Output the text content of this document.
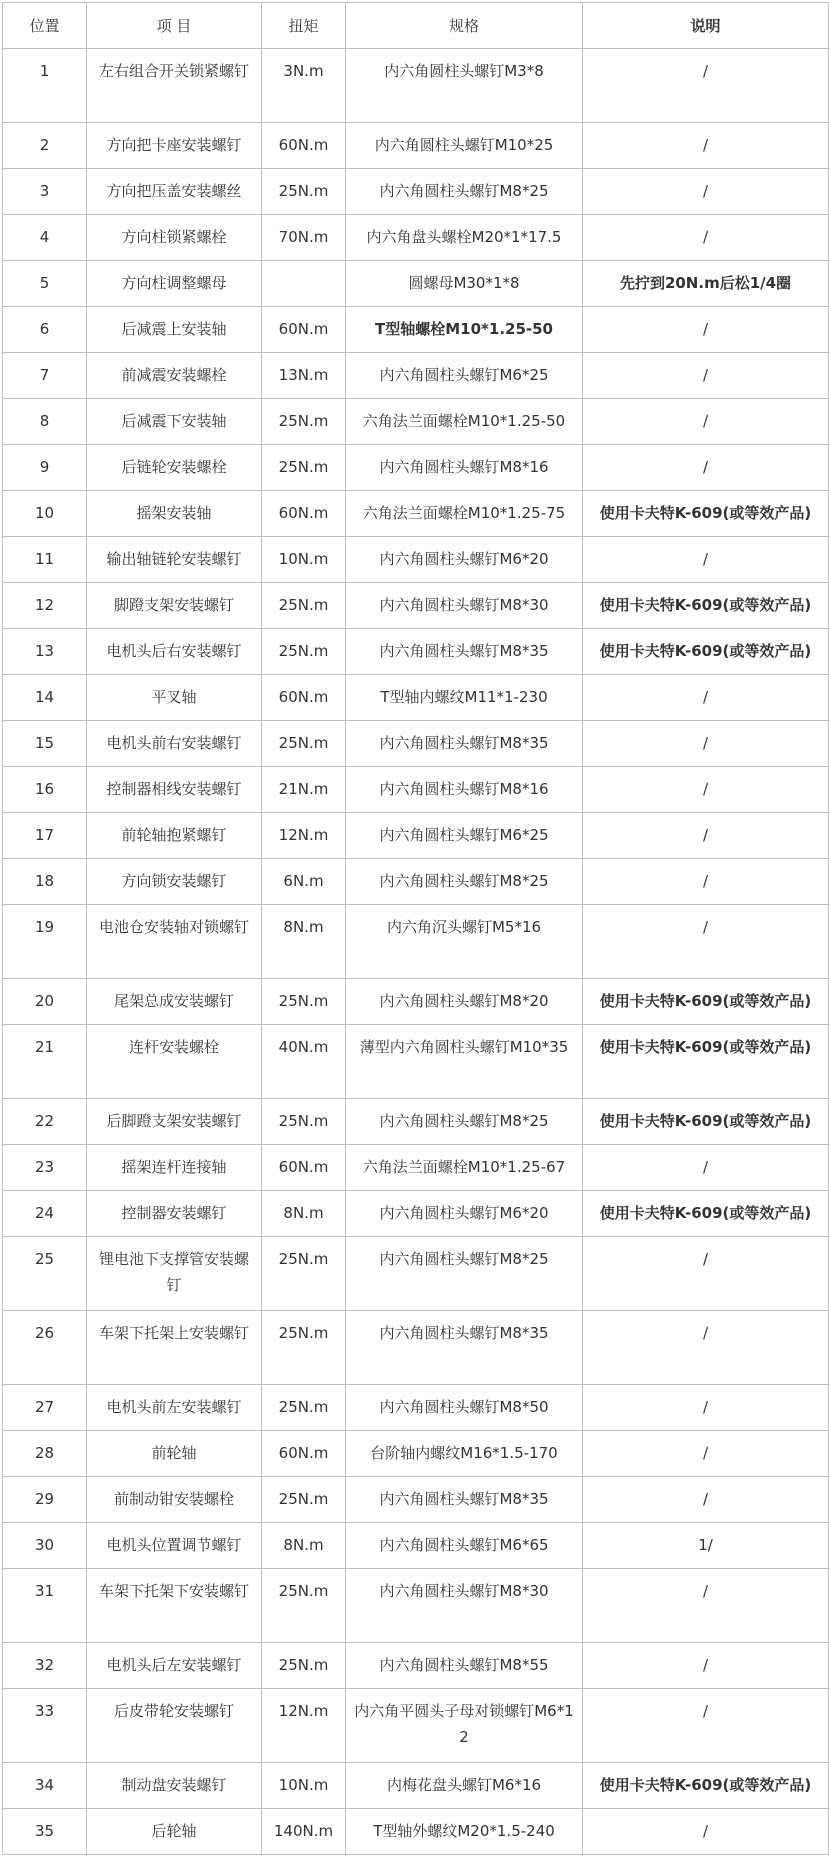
位置	项 目	扭矩	规格	说明
1	左右组合开关锁紧螺钉	3N.m	内六角圆柱头螺钉M3*8	/
2	方向把卡座安装螺钉	60N.m	内六角圆柱头螺钉M10*25	/
3	方向把压盖安装螺丝	25N.m	内六角圆柱头螺钉M8*25	/
4	方向柱锁紧螺栓	70N.m	内六角盘头螺栓M20*1*17.5	/
5	方向柱调整螺母		圆螺母M30*1*8	先拧到20N.m后松1/4圈
6	后减震上安装轴	60N.m	T型轴螺栓M10*1.25-50	/
7	前减震安装螺栓	13N.m	内六角圆柱头螺钉M6*25	/
8	后减震下安装轴	25N.m	六角法兰面螺栓M10*1.25-50	/
9	后链轮安装螺栓	25N.m	内六角圆柱头螺钉M8*16	/
10	摇架安装轴	60N.m	六角法兰面螺栓M10*1.25-75	使用卡夫特K-609(或等效产品)
11	输出轴链轮安装螺钉	10N.m	内六角圆柱头螺钉M6*20	/
12	脚蹬支架安装螺钉	25N.m	内六角圆柱头螺钉M8*30	使用卡夫特K-609(或等效产品)
13	电机头后右安装螺钉	25N.m	内六角圆柱头螺钉M8*35	使用卡夫特K-609(或等效产品)
14	平叉轴	60N.m	T型轴内螺纹M11*1-230	/
15	电机头前右安装螺钉	25N.m	内六角圆柱头螺钉M8*35	/
16	控制器相线安装螺钉	21N.m	内六角圆柱头螺钉M8*16	/
17	前轮轴抱紧螺钉	12N.m	内六角圆柱头螺钉M6*25	/
18	方向锁安装螺钉	6N.m	内六角圆柱头螺钉M8*25	/
19	电池仓安装轴对锁螺钉	8N.m	内六角沉头螺钉M5*16	/
20	尾架总成安装螺钉	25N.m	内六角圆柱头螺钉M8*20	使用卡夫特K-609(或等效产品)
21	连杆安装螺栓	40N.m	薄型内六角圆柱头螺钉M10*35	使用卡夫特K-609(或等效产品)
22	后脚蹬支架安装螺钉	25N.m	内六角圆柱头螺钉M8*25	使用卡夫特K-609(或等效产品)
23	摇架连杆连接轴	60N.m	六角法兰面螺栓M10*1.25-67	/
24	控制器安装螺钉	8N.m	内六角圆柱头螺钉M6*20	使用卡夫特K-609(或等效产品)
25	锂电池下支撑管安装螺钉	25N.m	内六角圆柱头螺钉M8*25	/
26	车架下托架上安装螺钉	25N.m	内六角圆柱头螺钉M8*35	/
27	电机头前左安装螺钉	25N.m	内六角圆柱头螺钉M8*50	/
28	前轮轴	60N.m	台阶轴内螺纹M16*1.5-170	/
29	前制动钳安装螺栓	25N.m	内六角圆柱头螺钉M8*35	/
30	电机头位置调节螺钉	8N.m	内六角圆柱头螺钉M6*65	1/
31	车架下托架下安装螺钉	25N.m	内六角圆柱头螺钉M8*30	/
32	电机头后左安装螺钉	25N.m	内六角圆柱头螺钉M8*55	/
33	后皮带轮安装螺钉	12N.m	内六角平圆头子母对锁螺钉M6*12	/
34	制动盘安装螺钉	10N.m	内梅花盘头螺钉M6*16	使用卡夫特K-609(或等效产品)
35	后轮轴	140N.m	T型轴外螺纹M20*1.5-240	/
